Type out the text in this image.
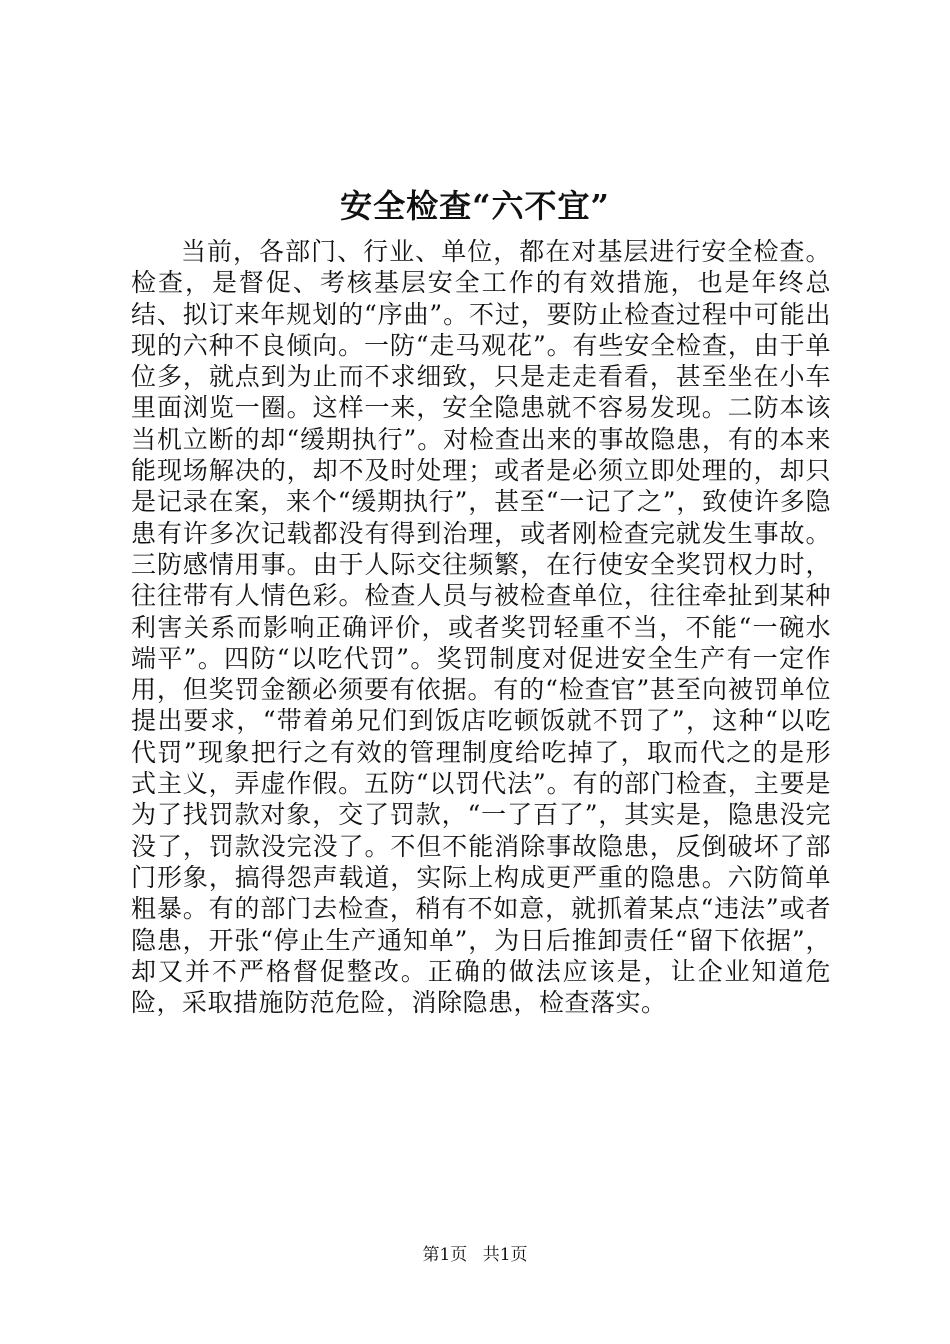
安全检查“六不宜”

当前，各部门、行业、单位，都在对基层进行安全检查。检查，是督促、考核基层安全工作的有效措施，也是年终总结、拟订来年规划的“序曲”。不过，要防止检查过程中可能出现的六种不良倾向。一防“走马观花”。有些安全检查，由于单位多，就点到为止而不求细致，只是走走看看，甚至坐在小车里面浏览一圈。这样一来，安全隐患就不容易发现。二防本该当机立断的却“缓期执行”。对检查出来的事故隐患，有的本来能现场解决的，却不及时处理；或者是必须立即处理的，却只是记录在案，来个“缓期执行”，甚至“一记了之”，致使许多隐患有许多次记载都没有得到治理，或者刚检查完就发生事故。三防感情用事。由于人际交往频繁，在行使安全奖罚权力时，往往带有人情色彩。检查人员与被检查单位，往往牵扯到某种利害关系而影响正确评价，或者奖罚轻重不当，不能“一碗水端平”。四防“以吃代罚”。奖罚制度对促进安全生产有一定作用，但奖罚金额必须要有依据。有的“检查官”甚至向被罚单位提出要求，“带着弟兄们到饭店吃顿饭就不罚了”，这种“以吃代罚”现象把行之有效的管理制度给吃掉了，取而代之的是形式主义，弄虚作假。五防“以罚代法”。有的部门检查，主要是为了找罚款对象，交了罚款，“一了百了”，其实是，隐患没完没了，罚款没完没了。不但不能消除事故隐患，反倒破坏了部门形象，搞得怨声载道，实际上构成更严重的隐患。六防简单粗暴。有的部门去检查，稍有不如意，就抓着某点“违法”或者隐患，开张“停止生产通知单”，为日后推卸责任“留下依据”，却又并不严格督促整改。正确的做法应该是，让企业知道危险，采取措施防范危险，消除隐患，检查落实。

第1页 共1页
